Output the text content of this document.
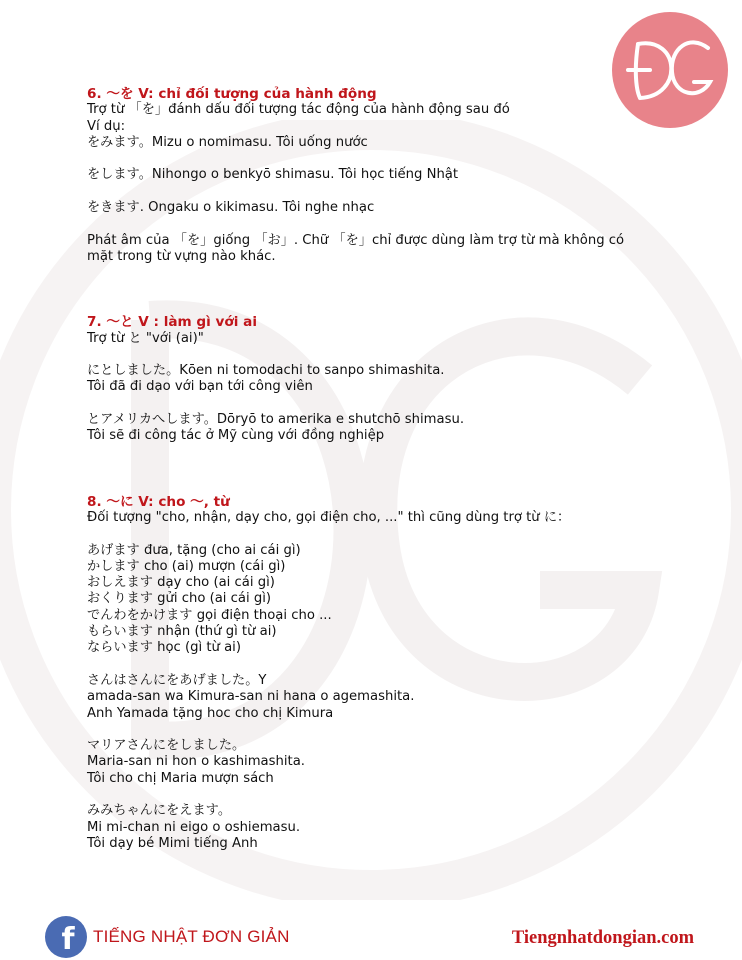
6. ～を V: chỉ đối tượng của hành động
Trợ từ 「を」đánh dấu đối tượng tác động của hành động sau đó
Ví dụ:
をみます。Mizu o nomimasu. Tôi uống nước
をします。Nihongo o benkyō shimasu. Tôi học tiếng Nhật
をきます. Ongaku o kikimasu. Tôi nghe nhạc
Phát âm của 「を」giống 「お」. Chữ 「を」chỉ được dùng làm trợ từ mà không có
mặt trong từ vựng nào khác.
7. ～と V : làm gì với ai
Trợ từ と "với (ai)"
にとしました。Kōen ni tomodachi to sanpo shimashita.
Tôi đã đi dạo với bạn tới công viên
とアメリカへします。Dōryō to amerika e shutchō shimasu.
Tôi sẽ đi công tác ở Mỹ cùng với đồng nghiệp
8. ～に V: cho ～, từ
Đối tượng "cho, nhận, dạy cho, gọi điện cho, ..." thì cũng dùng trợ từ に：
あげます đưa, tặng (cho ai cái gì)
かします cho (ai) mượn (cái gì)
おしえます dạy cho (ai cái gì)
おくります gửi cho (ai cái gì)
でんわをかけます gọi điện thoại cho ...
もらいます nhận (thứ gì từ ai)
ならいます học (gì từ ai)
さんはさんにをあげました。Y
amada-san wa Kimura-san ni hana o agemashita.
Anh Yamada tặng hoc cho chị Kimura
マリアさんにをしました。
Maria-san ni hon o kashimashita.
Tôi cho chị Maria mượn sách
みみちゃんにをえます。
Mi mi-chan ni eigo o oshiemasu.
Tôi dạy bé Mimi tiếng Anh
f TIẾNG NHẬT ĐƠN GIẢN	Tiengnhatdongian.com
